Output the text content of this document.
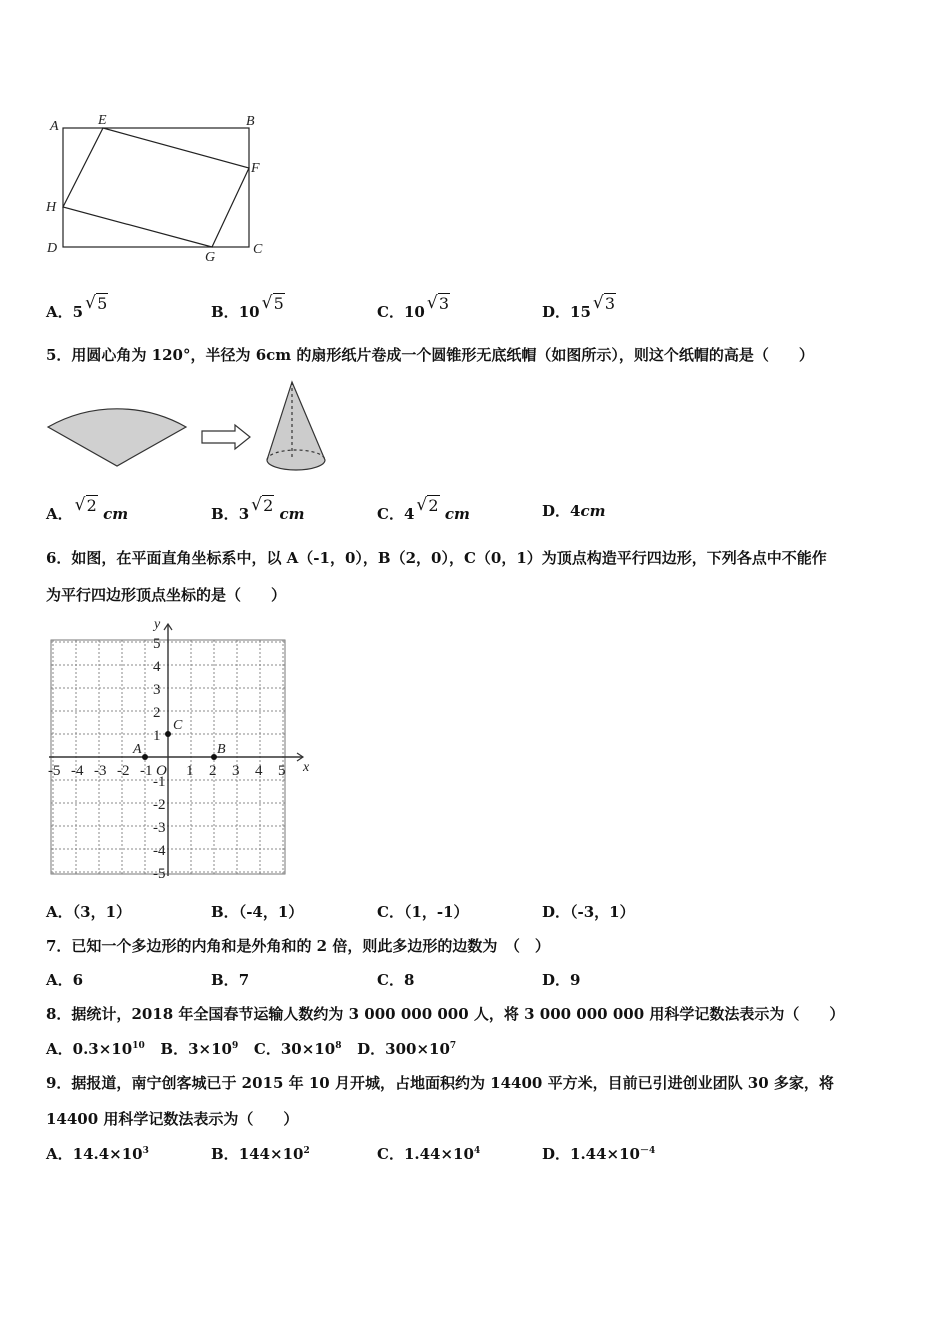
A	E	B
F
H
D
G
C
A．5 √ 5	B．10 √ 5	C．10 √ 3	D．15 √ 3
5．用圆心角为 120°，半径为 6cm 的扇形纸片卷成一个圆锥形无底纸帽（如图所示），则这个纸帽的高是（　　）
A． √ 2 cm	B．3 √ 2 cm	C．4 √ 2 cm	D．4cm
6．如图，在平面直角坐标系中，以 A（-1，0），B（2，0），C（0，1）为顶点构造平行四边形，下列各点中不能作
为平行四边形顶点坐标的是（　　）
-5 -4 -3 -2 -1 1 2 3 4 5
5
4
3
2
1
-1
-2
-3
-4
-5
A	B
C
x
y
O
A．（3，1）	B．（-4，1）	C．（1，-1）	D．（-3，1）
7．已知一个多边形的内角和是外角和的 2 倍，则此多边形的边数为　（　）
A．6	B．7	C．8	D．9
8．据统计，2018 年全国春节运输人数约为 3 000 000 000 人，将 3 000 000 000 用科学记数法表示为（　　）
A．$0.3\times 10^{10}$ B．$3\times 10^9$ C．$30\times 10^8$ D．$300\times 10^7$
9．据报道，南宁创客城已于 2015 年 10 月开城，占地面积约为 14400 平方米，目前已引进创业团队 30 多家，将
14400 用科学记数法表示为（　　）
A．$14.4\times 10^3$	B．$144\times 10^2$	C．$1.44\times 10^4$	D．$1.44\times 10^{-4}$
